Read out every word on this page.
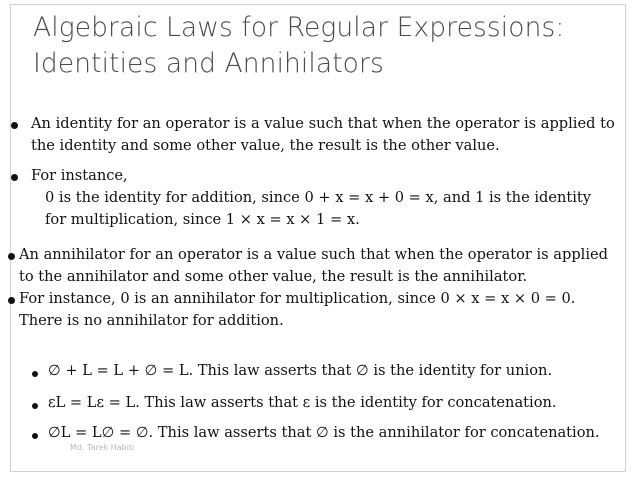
Algebraic Laws for Regular Expressions:
Identities and Annihilators
An identity for an operator is a value such that when the operator is applied to
the identity and some other value, the result is the other value.
For instance,
0 is the identity for addition, since 0 + x = x + 0 = x, and 1 is the identity
for multiplication, since 1 × x = x × 1 = x.
An annihilator for an operator is a value such that when the operator is applied
to the annihilator and some other value, the result is the annihilator.
For instance, 0 is an annihilator for multiplication, since 0 × x = x × 0 = 0.
There is no annihilator for addition.
∅ + L = L + ∅ = L. This law asserts that ∅ is the identity for union.
εL = Lε = L. This law asserts that ε is the identity for concatenation.
∅L = L∅ = ∅. This law asserts that ∅ is the annihilator for concatenation.
Md. Tarek Habib
